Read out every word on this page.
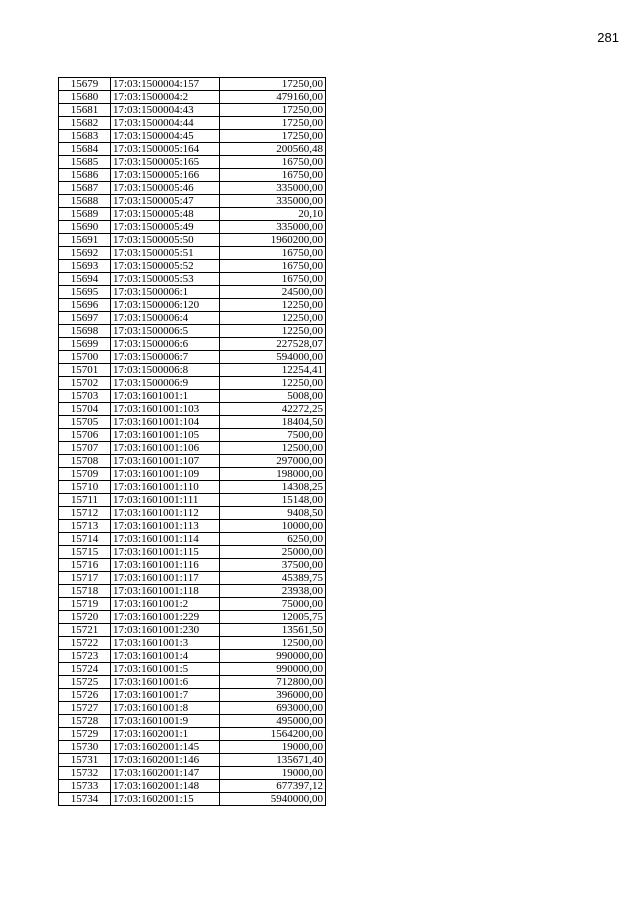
281
15679	17:03:1500004:157	17250,00
15680	17:03:1500004:2	479160,00
15681	17:03:1500004:43	17250,00
15682	17:03:1500004:44	17250,00
15683	17:03:1500004:45	17250,00
15684	17:03:1500005:164	200560,48
15685	17:03:1500005:165	16750,00
15686	17:03:1500005:166	16750,00
15687	17:03:1500005:46	335000,00
15688	17:03:1500005:47	335000,00
15689	17:03:1500005:48	20,10
15690	17:03:1500005:49	335000,00
15691	17:03:1500005:50	1960200,00
15692	17:03:1500005:51	16750,00
15693	17:03:1500005:52	16750,00
15694	17:03:1500005:53	16750,00
15695	17:03:1500006:1	24500,00
15696	17:03:1500006:120	12250,00
15697	17:03:1500006:4	12250,00
15698	17:03:1500006:5	12250,00
15699	17:03:1500006:6	227528,07
15700	17:03:1500006:7	594000,00
15701	17:03:1500006:8	12254,41
15702	17:03:1500006:9	12250,00
15703	17:03:1601001:1	5008,00
15704	17:03:1601001:103	42272,25
15705	17:03:1601001:104	18404,50
15706	17:03:1601001:105	7500,00
15707	17:03:1601001:106	12500,00
15708	17:03:1601001:107	297000,00
15709	17:03:1601001:109	198000,00
15710	17:03:1601001:110	14308,25
15711	17:03:1601001:111	15148,00
15712	17:03:1601001:112	9408,50
15713	17:03:1601001:113	10000,00
15714	17:03:1601001:114	6250,00
15715	17:03:1601001:115	25000,00
15716	17:03:1601001:116	37500,00
15717	17:03:1601001:117	45389,75
15718	17:03:1601001:118	23938,00
15719	17:03:1601001:2	75000,00
15720	17:03:1601001:229	12005,75
15721	17:03:1601001:230	13561,50
15722	17:03:1601001:3	12500,00
15723	17:03:1601001:4	990000,00
15724	17:03:1601001:5	990000,00
15725	17:03:1601001:6	712800,00
15726	17:03:1601001:7	396000,00
15727	17:03:1601001:8	693000,00
15728	17:03:1601001:9	495000,00
15729	17:03:1602001:1	1564200,00
15730	17:03:1602001:145	19000,00
15731	17:03:1602001:146	135671,40
15732	17:03:1602001:147	19000,00
15733	17:03:1602001:148	677397,12
15734	17:03:1602001:15	5940000,00
